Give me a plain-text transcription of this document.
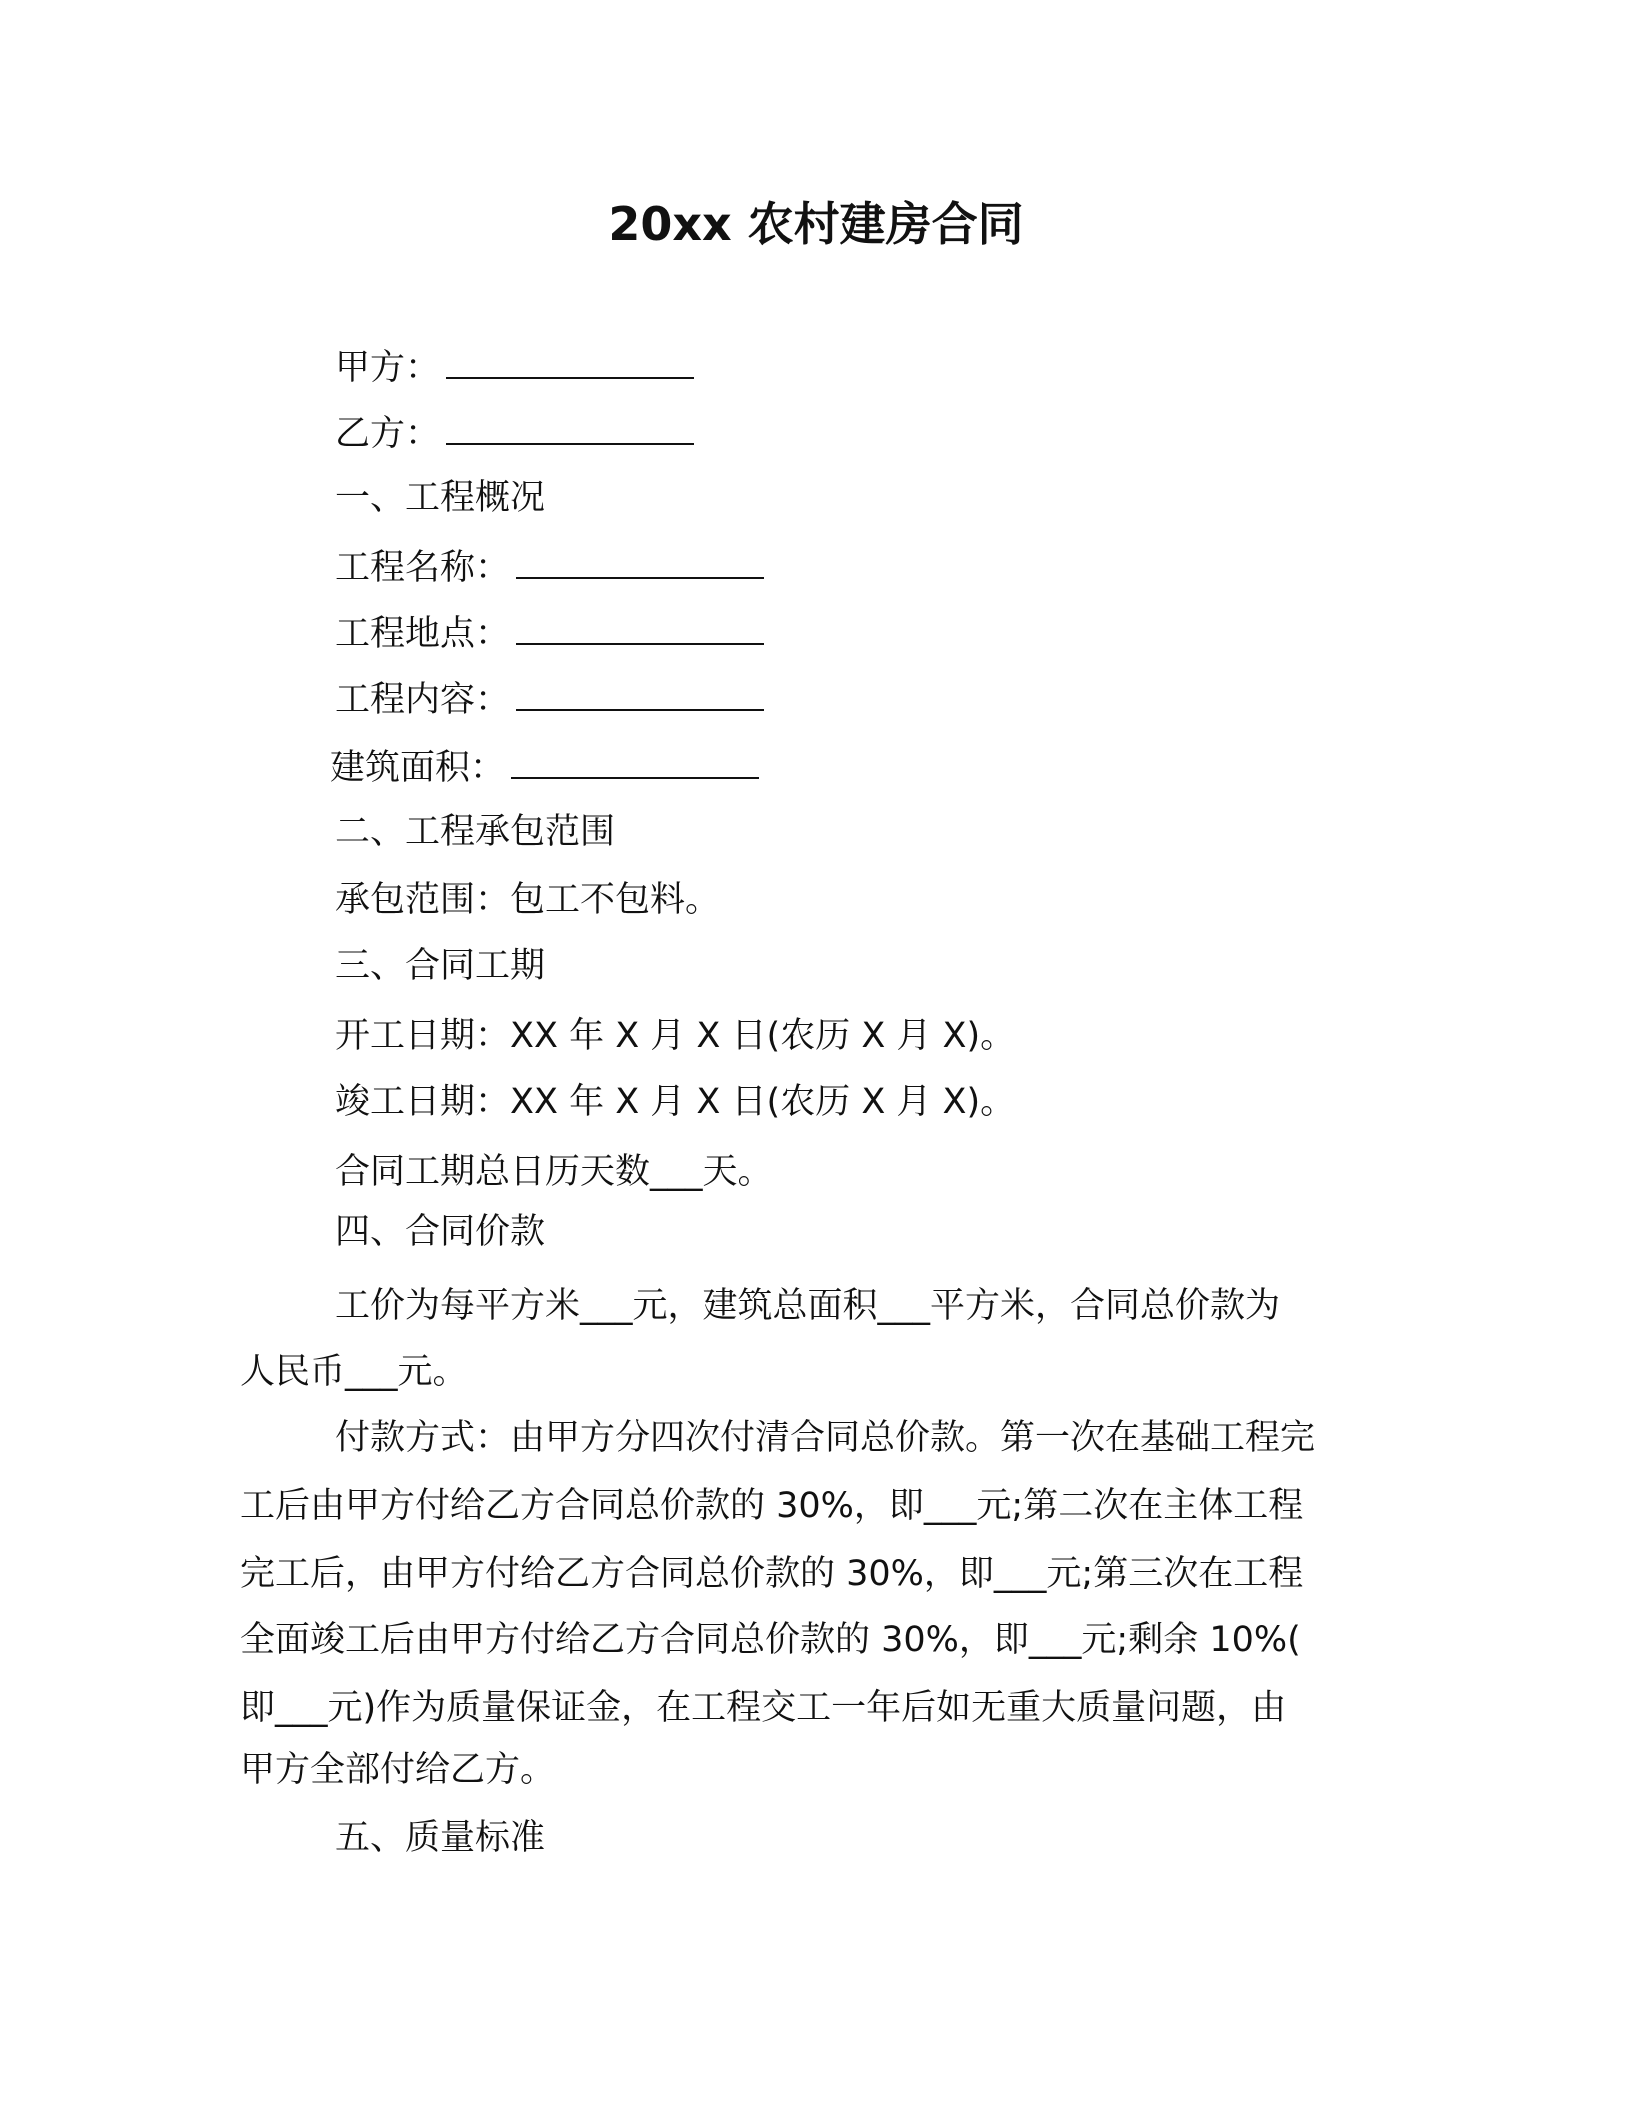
20xx 农村建房合同
甲方：
乙方：
一、工程概况
工程名称：
工程地点：
工程内容：
建筑面积：
二、工程承包范围
承包范围：包工不包料。
三、合同工期
开工日期：XX 年 X 月 X 日(农历 X 月 X)。
竣工日期：XX 年 X 月 X 日(农历 X 月 X)。
合同工期总日历天数___天。
四、合同价款
工价为每平方米___元，建筑总面积___平方米，合同总价款为
人民币___元。
付款方式：由甲方分四次付清合同总价款。第一次在基础工程完
工后由甲方付给乙方合同总价款的 30%，即___元;第二次在主体工程
完工后，由甲方付给乙方合同总价款的 30%，即___元;第三次在工程
全面竣工后由甲方付给乙方合同总价款的 30%，即___元;剩余 10%(
即___元)作为质量保证金，在工程交工一年后如无重大质量问题，由
甲方全部付给乙方。
五、质量标准
